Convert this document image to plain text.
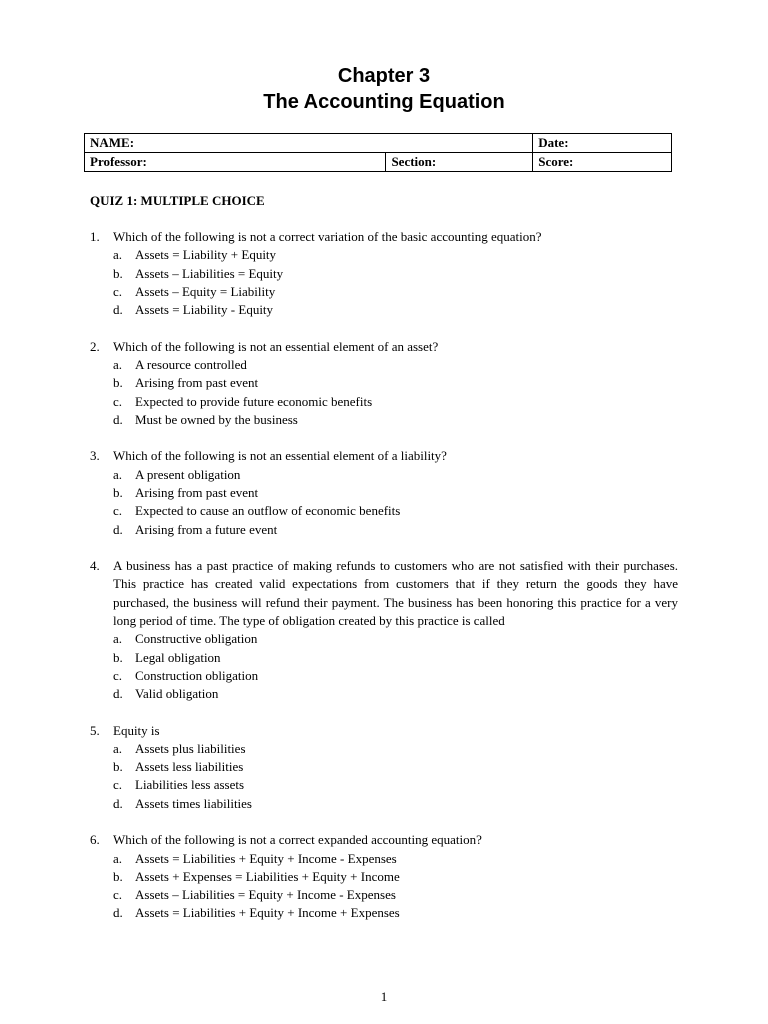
Chapter 3
The Accounting Equation
NAME:		Date:
Professor:	Section:	Score:
QUIZ 1: MULTIPLE CHOICE
1.	Which of the following is not a correct variation of the basic accounting equation?
a. Assets = Liability + Equity
b. Assets – Liabilities = Equity
c. Assets – Equity = Liability
d. Assets = Liability - Equity
2.	Which of the following is not an essential element of an asset?
a. A resource controlled
b. Arising from past event
c. Expected to provide future economic benefits
d. Must be owned by the business
3.	Which of the following is not an essential element of a liability?
a. A present obligation
b. Arising from past event
c. Expected to cause an outflow of economic benefits
d. Arising from a future event
4.	A business has a past practice of making refunds to customers who are not satisfied with their purchases. This practice has created valid expectations from customers that if they return the goods they have purchased, the business will refund their payment. The business has been honoring this practice for a very long period of time. The type of obligation created by this practice is called
a. Constructive obligation
b. Legal obligation
c. Construction obligation
d. Valid obligation
5.	Equity is
a. Assets plus liabilities
b. Assets less liabilities
c. Liabilities less assets
d. Assets times liabilities
6.	Which of the following is not a correct expanded accounting equation?
a. Assets = Liabilities + Equity + Income - Expenses
b. Assets + Expenses = Liabilities + Equity + Income
c. Assets – Liabilities = Equity + Income - Expenses
d. Assets = Liabilities + Equity + Income + Expenses
1
